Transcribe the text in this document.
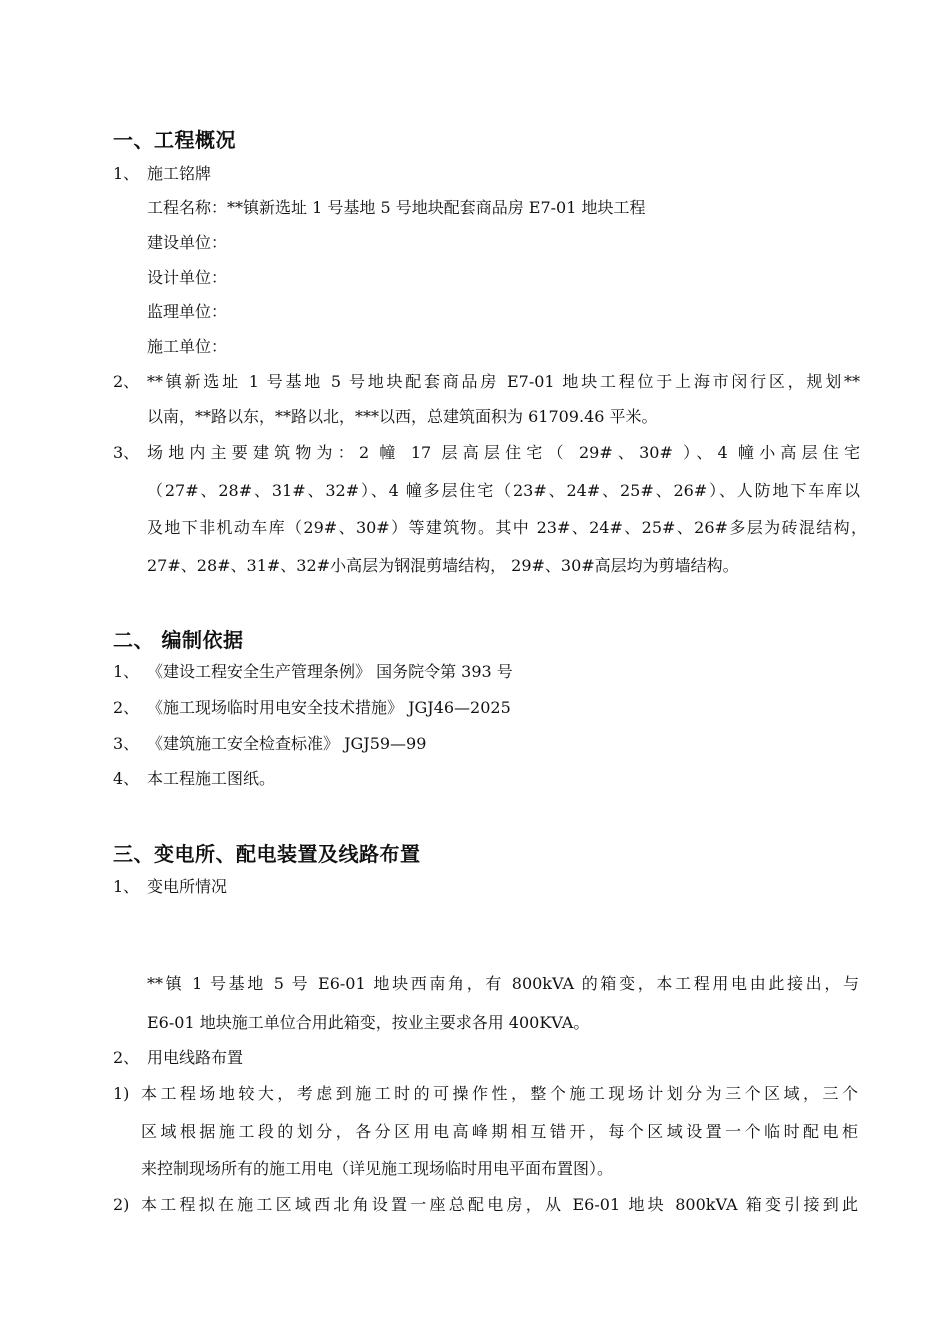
一、工程概况
1、 施工铭牌
工程名称：**镇新选址 1 号基地 5 号地块配套商品房 E7-01 地块工程
建设单位：
设计单位：
监理单位：
施工单位：
2、 **镇新选址 1 号基地 5 号地块配套商品房 E7-01 地块工程位于上海市闵行区，规划**
以南，**路以东，**路以北，***以西，总建筑面积为 61709.46 平米。
3、 场地内主要建筑物为：2 幢 17 层高层住宅（ 29#、30# ）、4 幢小高层住宅
（27#、28#、31#、32#）、4 幢多层住宅（23#、24#、25#、26#）、人防地下车库以
及地下非机动车库（29#、30#）等建筑物。其中 23#、24#、25#、26#多层为砖混结构，
27#、28#、31#、32#小高层为钢混剪墙结构， 29#、30#高层均为剪墙结构。
二、 编制依据
1、 《建设工程安全生产管理条例》 国务院令第 393 号
2、 《施工现场临时用电安全技术措施》 JGJ46—2025
3、 《建筑施工安全检查标准》 JGJ59—99
4、 本工程施工图纸。
三、变电所、配电装置及线路布置
1、 变电所情况
**镇 1 号基地 5 号 E6-01 地块西南角，有 800kVA 的箱变，本工程用电由此接出，与
E6-01 地块施工单位合用此箱变，按业主要求各用 400KVA。
2、 用电线路布置
1) 本工程场地较大，考虑到施工时的可操作性，整个施工现场计划分为三个区域，三个
区域根据施工段的划分，各分区用电高峰期相互错开，每个区域设置一个临时配电柜
来控制现场所有的施工用电（详见施工现场临时用电平面布置图）。
2) 本工程拟在施工区域西北角设置一座总配电房，从 E6-01 地块 800kVA 箱变引接到此
